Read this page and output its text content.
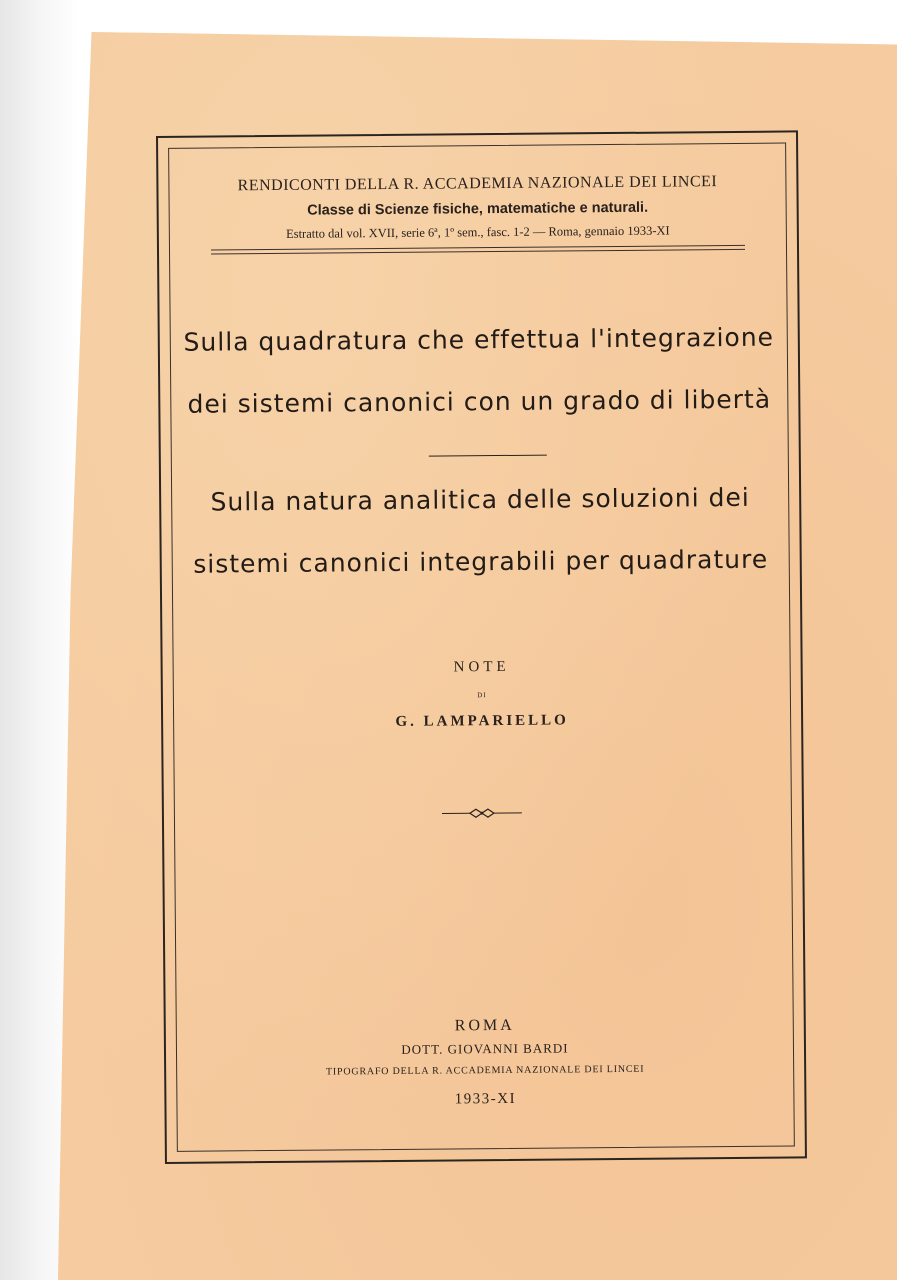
RENDICONTI DELLA R. ACCADEMIA NAZIONALE DEI LINCEI
Classe di Scienze fisiche, matematiche e naturali.
Estratto dal vol. XVII, serie 6ª, 1º sem., fasc. 1-2 — Roma, gennaio 1933-XI
Sulla quadratura che effettua l'integrazione
dei sistemi canonici con un grado di libertà
Sulla natura analitica delle soluzioni dei
sistemi canonici integrabili per quadrature
NOTE
DI
G. LAMPARIELLO
ROMA
DOTT. GIOVANNI BARDI
TIPOGRAFO DELLA R. ACCADEMIA NAZIONALE DEI LINCEI
1933-XI
